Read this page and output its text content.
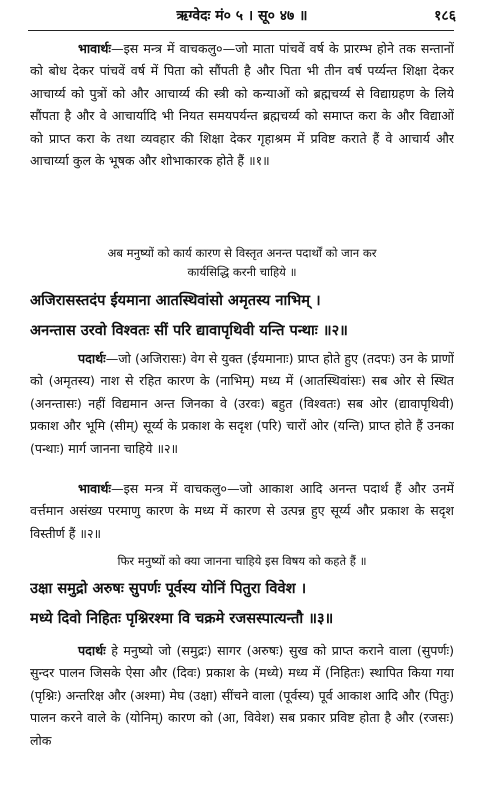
ऋग्वेदः मं० ५ । सू० ४७ ॥	१८६

भावार्थः—इस मन्त्र में वाचकलु०—जो माता पांचवें वर्ष के प्रारम्भ होने तक सन्तानों को बोध देकर पांचवें वर्ष में पिता को सौंपती है और पिता भी तीन वर्ष पर्य्यन्त शिक्षा देकर आचार्य्य को पुत्रों को और आचार्य्य की स्त्री को कन्याओं को ब्रह्मचर्य्य से विद्याग्रहण के लिये सौंपता है और वे आचार्यादि भी नियत समयपर्यन्त ब्रह्मचर्य्य को समाप्त करा के और विद्याओं को प्राप्त करा के तथा व्यवहार की शिक्षा देकर गृहाश्रम में प्रविष्ट कराते हैं वे आचार्य और आचार्य्या कुल के भूषक और शोभाकारक होते हैं ॥१॥

अब मनुष्यों को कार्य कारण से विस्तृत अनन्त पदार्थों को जान कर

कार्यसिद्धि करनी चाहिये ॥

अजिरासस्तदंप ईयमाना आतस्थिवांसो अमृतस्य नाभिम् ।

अनन्तास उरवो विश्वतः सीं परि द्यावापृथिवी यन्ति पन्थाः ॥२॥

पदार्थः—जो (अजिरासः) वेग से युक्त (ईयमानाः) प्राप्त होते हुए (तदपः) उन के प्राणों को (अमृतस्य) नाश से रहित कारण के (नाभिम्) मध्य में (आतस्थिवांसः) सब ओर से स्थित (अनन्तासः) नहीं विद्यमान अन्त जिनका वे (उरवः) बहुत (विश्वतः) सब ओर (द्यावापृथिवी) प्रकाश और भूमि (सीम्) सूर्य्य के प्रकाश के सदृश (परि) चारों ओर (यन्ति) प्राप्त होते हैं उनका (पन्थाः) मार्ग जानना चाहिये ॥२॥

भावार्थः—इस मन्त्र में वाचकलु०—जो आकाश आदि अनन्त पदार्थ हैं और उनमें वर्त्तमान असंख्य परमाणु कारण के मध्य में कारण से उत्पन्न हुए सूर्य्य और प्रकाश के सदृश विस्तीर्ण हैं ॥२॥

फिर मनुष्यों को क्या जानना चाहिये इस विषय को कहते हैं ॥

उक्षा समुद्रो अरुषः सुपर्णः पूर्वस्य योनिं पितुरा विवेश ।

मध्ये दिवो निहितः पृश्निरश्मा वि चक्रमे रजसस्पात्यन्तौ ॥३॥

पदार्थः हे मनुष्यो जो (समुद्रः) सागर (अरुषः) सुख को प्राप्त कराने वाला (सुपर्णः) सुन्दर पालन जिसके ऐसा और (दिवः) प्रकाश के (मध्ये) मध्य में (निहितः) स्थापित किया गया (पृश्निः) अन्तरिक्ष और (अश्मा) मेघ (उक्षा) सींचने वाला (पूर्वस्य) पूर्व आकाश आदि और (पितुः) पालन करने वाले के (योनिम्) कारण को (आ, विवेश) सब प्रकार प्रविष्ट होता है और (रजसः) लोक
